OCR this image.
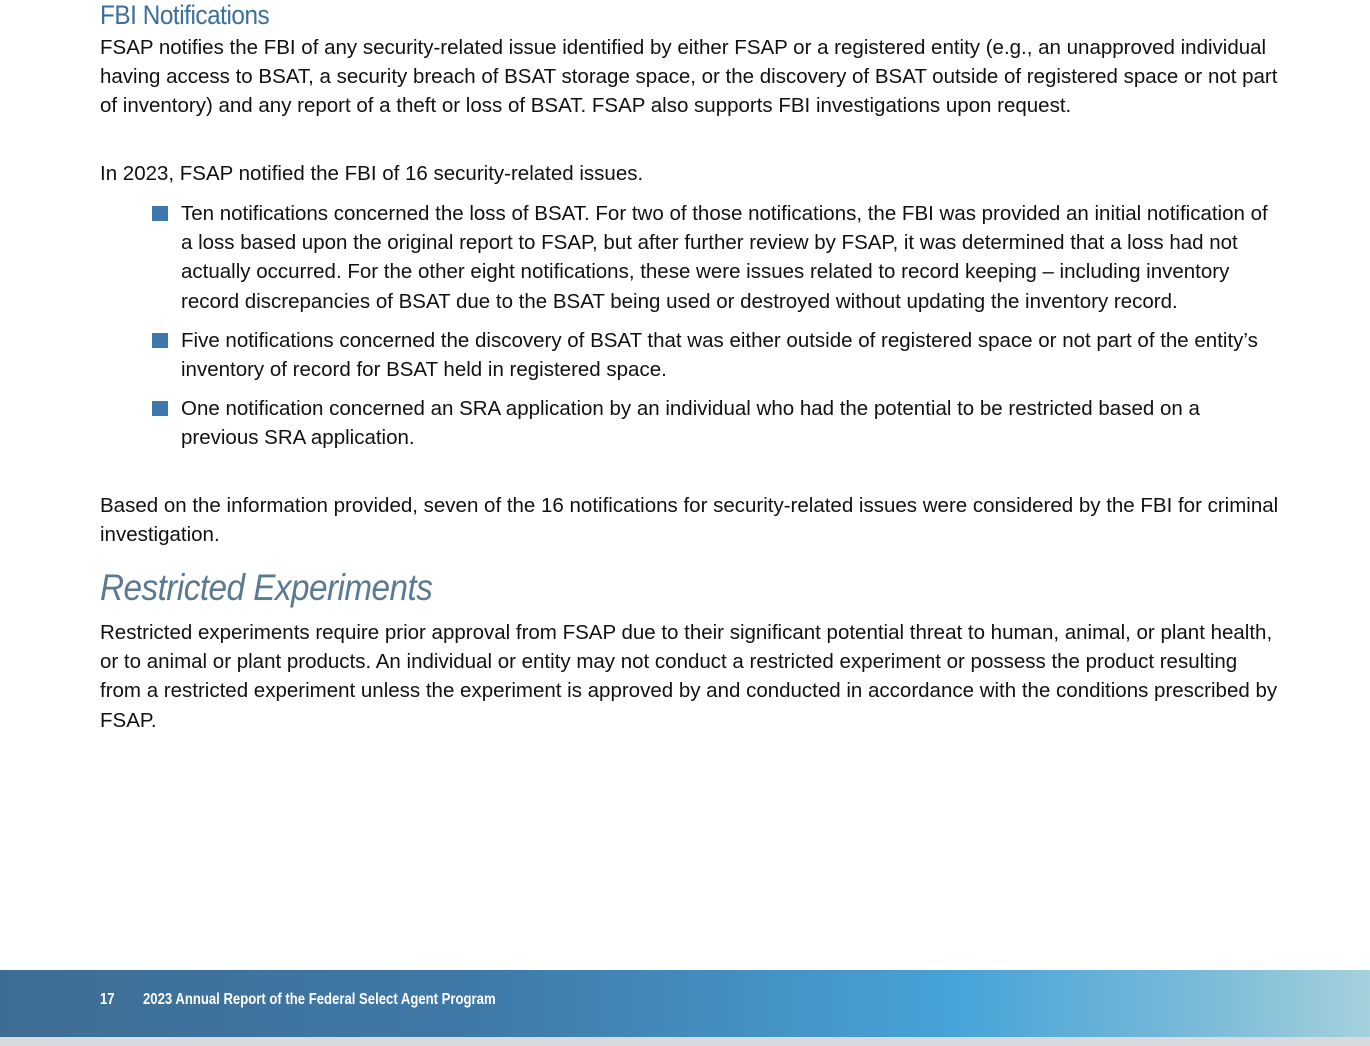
FBI Notifications

FSAP notifies the FBI of any security-related issue identified by either FSAP or a registered entity (e.g., an unapproved individual having access to BSAT, a security breach of BSAT storage space, or the discovery of BSAT outside of registered space or not part of inventory) and any report of a theft or loss of BSAT. FSAP also supports FBI investigations upon request.

In 2023, FSAP notified the FBI of 16 security-related issues.

Ten notifications concerned the loss of BSAT. For two of those notifications, the FBI was provided an initial notification of a loss based upon the original report to FSAP, but after further review by FSAP, it was determined that a loss had not actually occurred. For the other eight notifications, these were issues related to record keeping – including inventory record discrepancies of BSAT due to the BSAT being used or destroyed without updating the inventory record.
Five notifications concerned the discovery of BSAT that was either outside of registered space or not part of the entity’s inventory of record for BSAT held in registered space.
One notification concerned an SRA application by an individual who had the potential to be restricted based on a previous SRA application.

Based on the information provided, seven of the 16 notifications for security-related issues were considered by the FBI for criminal investigation.

Restricted Experiments

Restricted experiments require prior approval from FSAP due to their significant potential threat to human, animal, or plant health, or to animal or plant products. An individual or entity may not conduct a restricted experiment or possess the product resulting from a restricted experiment unless the experiment is approved by and conducted in accordance with the conditions prescribed by FSAP.

17 2023 Annual Report of the Federal Select Agent Program
